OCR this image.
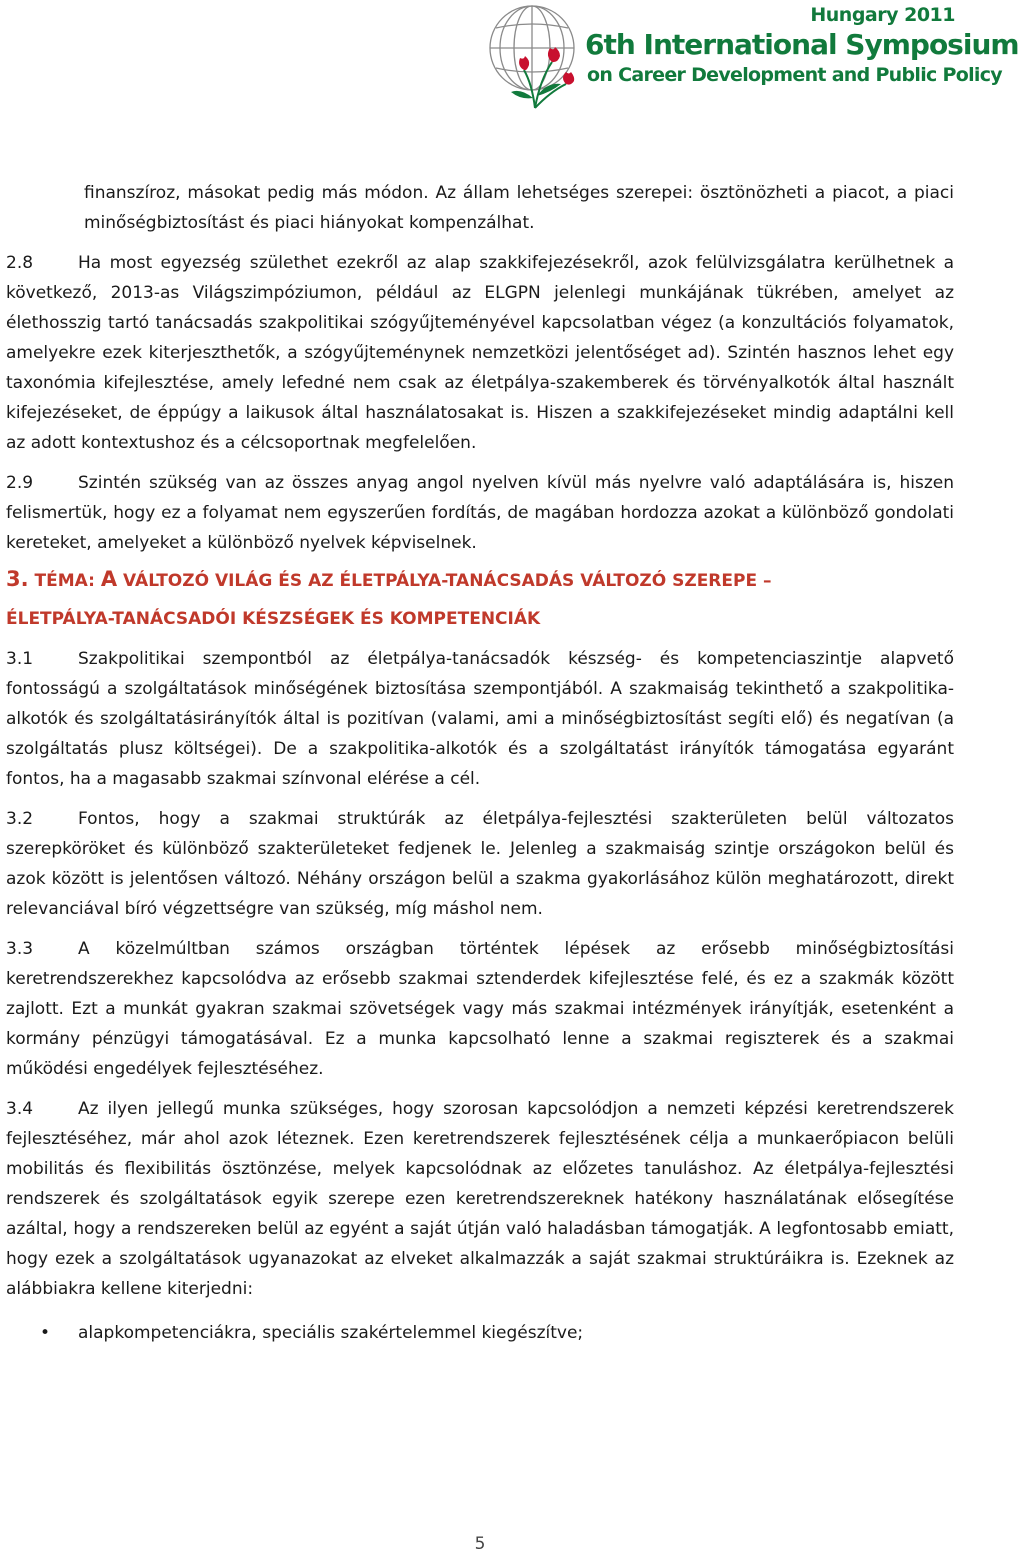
Hungary 2011
6th International Symposium
on Career Development and Public Policy

finanszíroz, másokat pedig más módon. Az állam lehetséges szerepei: ösztönözheti a piacot, a piaci minőségbiztosítást és piaci hiányokat kompenzálhat.

2.8	Ha most egyezség születhet ezekről az alap szakkifejezésekről, azok felülvizsgálatra kerülhetnek a következő, 2013-as Világszimpóziumon, például az ELGPN jelenlegi munkájának tükrében, amelyet az élethosszig tartó tanácsadás szakpolitikai szógyűjteményével kapcsolatban végez (a konzultációs folyamatok, amelyekre ezek kiterjeszthetők, a szógyűjteménynek nemzetközi jelentőséget ad). Szintén hasznos lehet egy taxonómia kifejlesztése, amely lefedné nem csak az életpálya-szakemberek és törvényalkotók által használt kifejezéseket, de éppúgy a laikusok által használatosakat is. Hiszen a szakkifejezéseket mindig adaptálni kell az adott kontextushoz és a célcsoportnak megfelelően.

2.9	Szintén szükség van az összes anyag angol nyelven kívül más nyelvre való adaptálására is, hiszen felismertük, hogy ez a folyamat nem egyszerűen fordítás, de magában hordozza azokat a különböző gondolati kereteket, amelyeket a különböző nyelvek képviselnek.

3. TÉMA: A VÁLTOZÓ VILÁG ÉS AZ ÉLETPÁLYA-TANÁCSADÁS VÁLTOZÓ SZEREPE –
ÉLETPÁLYA-TANÁCSADÓI KÉSZSÉGEK ÉS KOMPETENCIÁK

3.1	Szakpolitikai szempontból az életpálya-tanácsadók készség- és kompetenciaszintje alapvető fontosságú a szolgáltatások minőségének biztosítása szempontjából. A szakmaiság tekinthető a szakpolitika-alkotók és szolgáltatásirányítók által is pozitívan (valami, ami a minőségbiztosítást segíti elő) és negatívan (a szolgáltatás plusz költségei). De a szakpolitika-alkotók és a szolgáltatást irányítók támogatása egyaránt fontos, ha a magasabb szakmai színvonal elérése a cél.

3.2	Fontos, hogy a szakmai struktúrák az életpálya-fejlesztési szakterületen belül változatos szerepköröket és különböző szakterületeket fedjenek le. Jelenleg a szakmaiság szintje országokon belül és azok között is jelentősen változó. Néhány országon belül a szakma gyakorlásához külön meghatározott, direkt relevanciával bíró végzettségre van szükség, míg máshol nem.

3.3	A közelmúltban számos országban történtek lépések az erősebb minőségbiztosítási keretrendszerekhez kapcsolódva az erősebb szakmai sztenderdek kifejlesztése felé, és ez a szakmák között zajlott. Ezt a munkát gyakran szakmai szövetségek vagy más szakmai intézmények irányítják, esetenként a kormány pénzügyi támogatásával. Ez a munka kapcsolható lenne a szakmai regiszterek és a szakmai működési engedélyek fejlesztéséhez.

3.4	Az ilyen jellegű munka szükséges, hogy szorosan kapcsolódjon a nemzeti képzési keretrendszerek fejlesztéséhez, már ahol azok léteznek. Ezen keretrendszerek fejlesztésének célja a munkaerőpiacon belüli mobilitás és flexibilitás ösztönzése, melyek kapcsolódnak az előzetes tanuláshoz. Az életpálya-fejlesztési rendszerek és szolgáltatások egyik szerepe ezen keretrendszereknek hatékony használatának elősegítése azáltal, hogy a rendszereken belül az egyént a saját útján való haladásban támogatják. A legfontosabb emiatt, hogy ezek a szolgáltatások ugyanazokat az elveket alkalmazzák a saját szakmai struktúráikra is. Ezeknek az alábbiakra kellene kiterjedni:

• alapkompetenciákra, speciális szakértelemmel kiegészítve;
5
